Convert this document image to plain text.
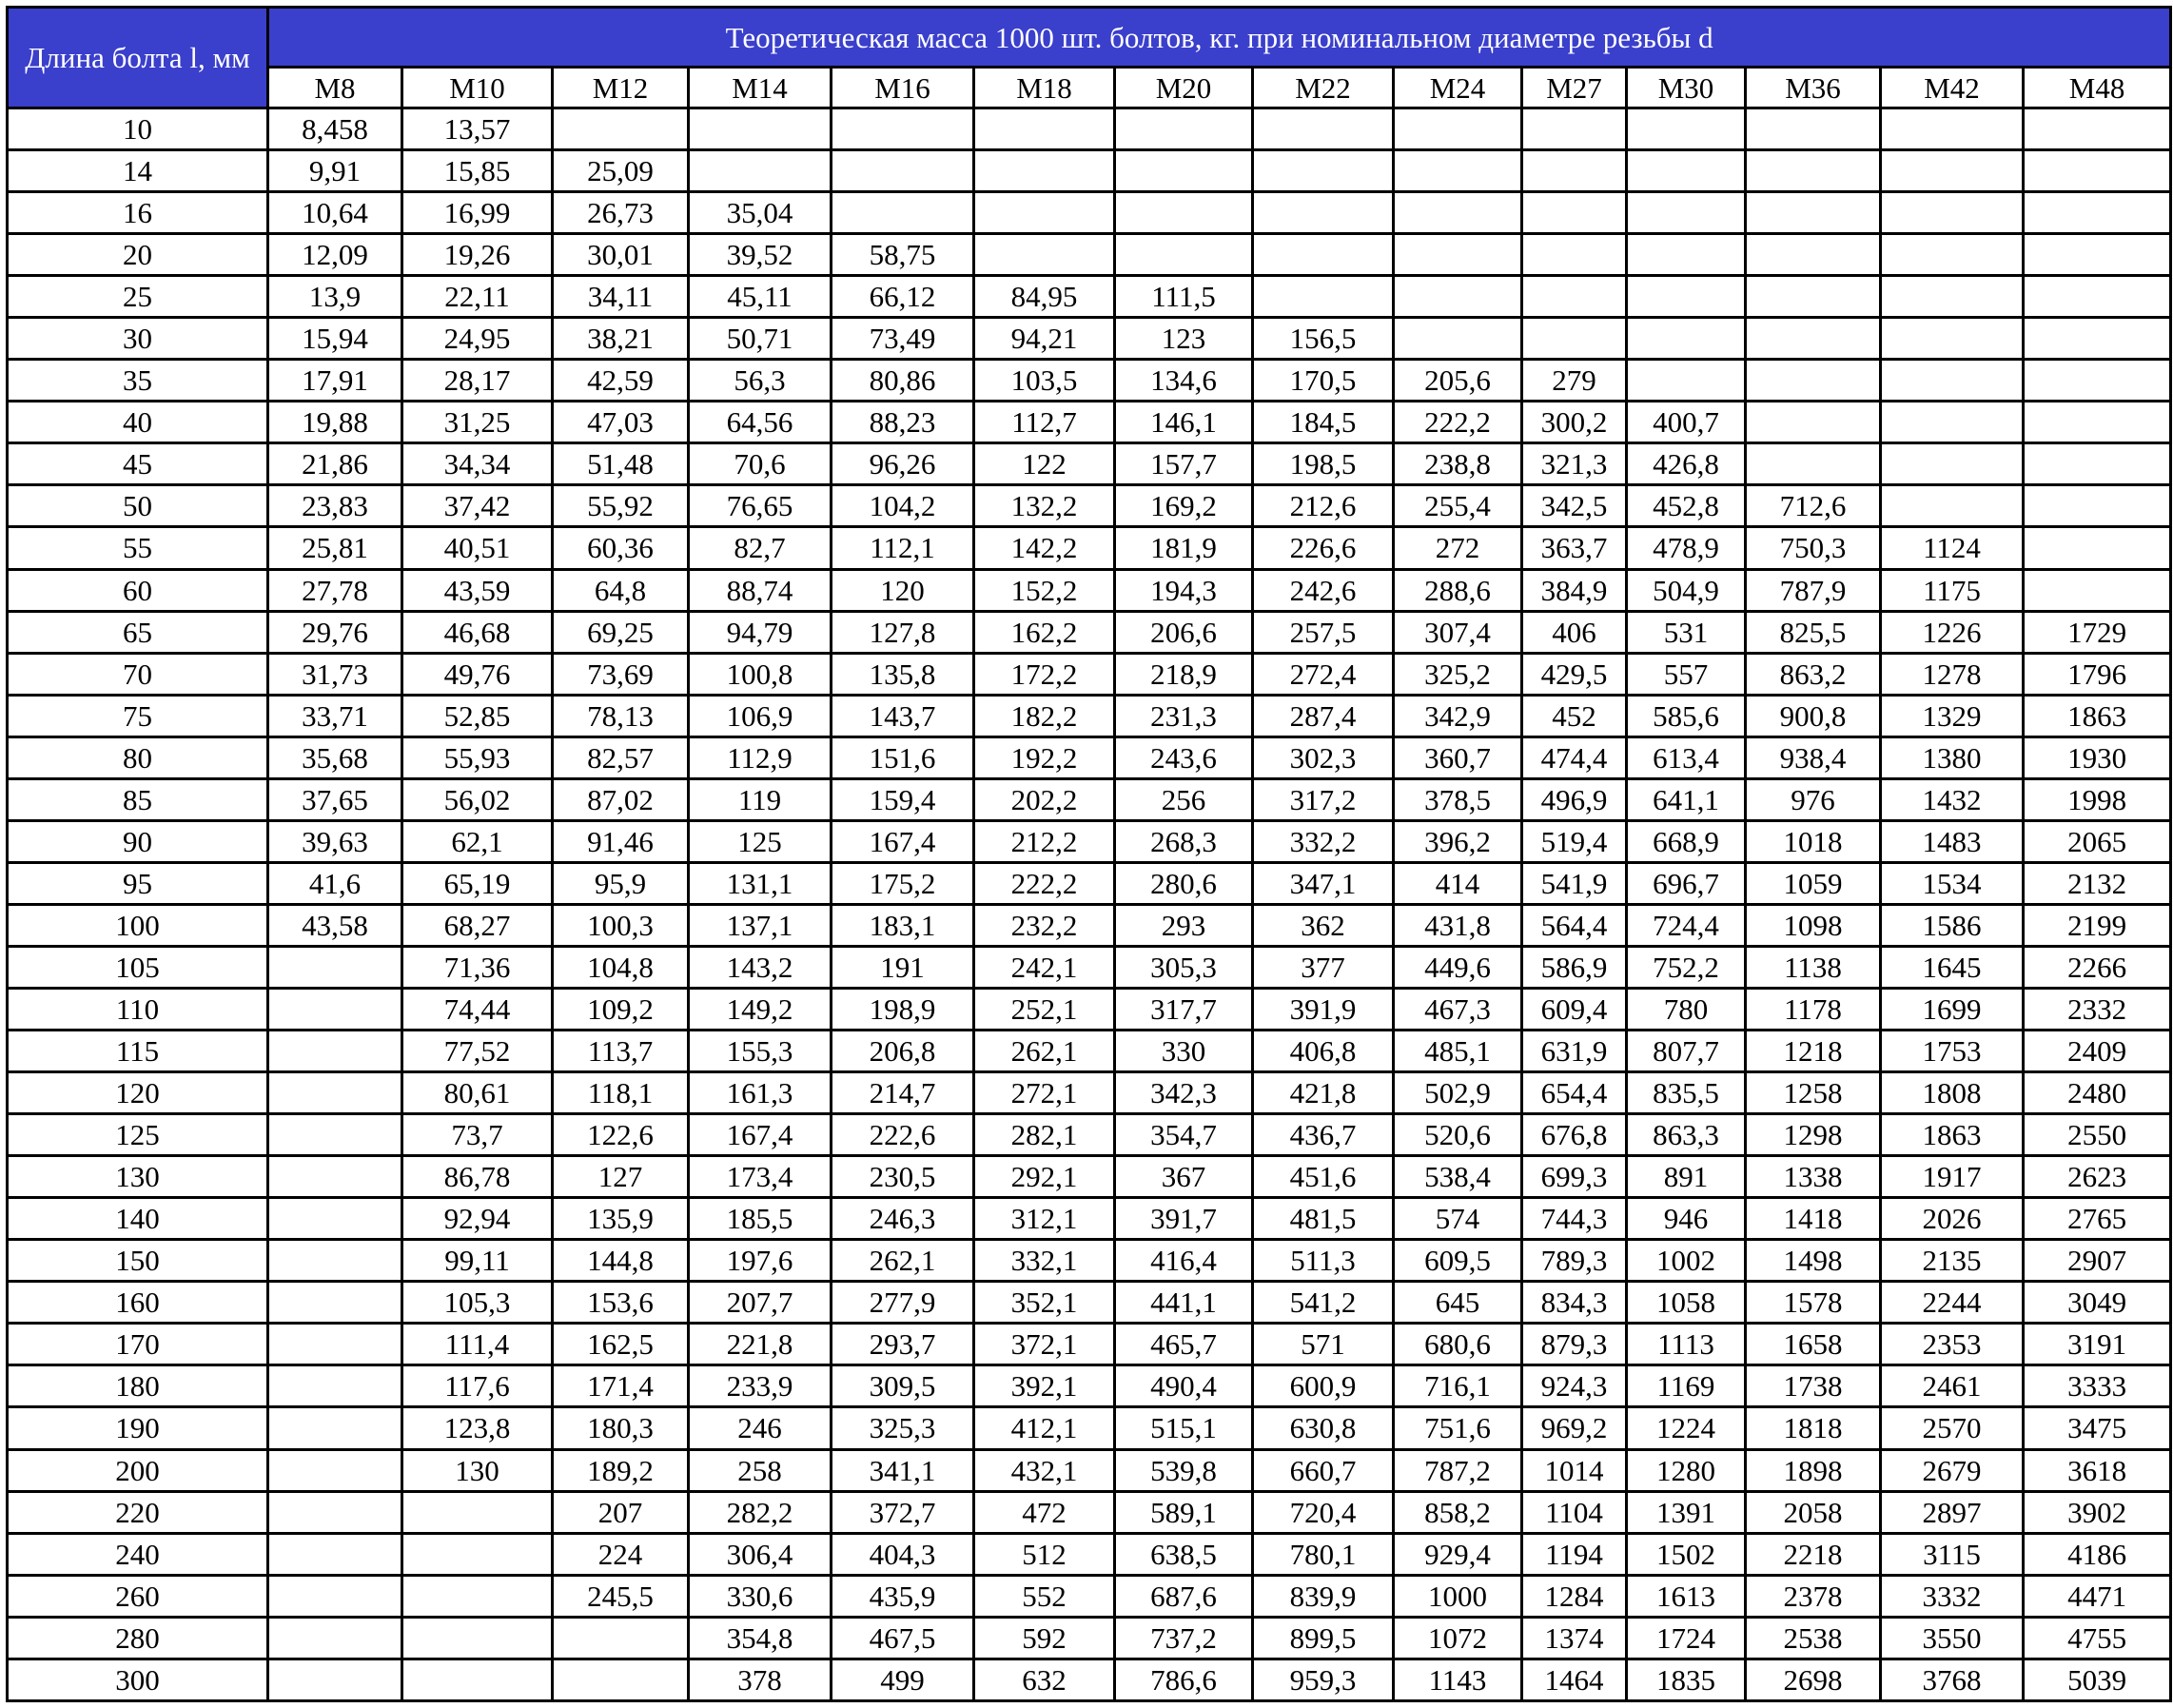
Длина болта l, мм	Теоретическая масса 1000 шт. болтов, кг. при номинальном диаметре резьбы d													
	М8	М10	М12	М14	М16	М18	М20	М22	М24	М27	М30	М36	М42	М48
10	8,458	13,57												
14	9,91	15,85	25,09											
16	10,64	16,99	26,73	35,04										
20	12,09	19,26	30,01	39,52	58,75									
25	13,9	22,11	34,11	45,11	66,12	84,95	111,5							
30	15,94	24,95	38,21	50,71	73,49	94,21	123	156,5						
35	17,91	28,17	42,59	56,3	80,86	103,5	134,6	170,5	205,6	279				
40	19,88	31,25	47,03	64,56	88,23	112,7	146,1	184,5	222,2	300,2	400,7			
45	21,86	34,34	51,48	70,6	96,26	122	157,7	198,5	238,8	321,3	426,8			
50	23,83	37,42	55,92	76,65	104,2	132,2	169,2	212,6	255,4	342,5	452,8	712,6		
55	25,81	40,51	60,36	82,7	112,1	142,2	181,9	226,6	272	363,7	478,9	750,3	1124	
60	27,78	43,59	64,8	88,74	120	152,2	194,3	242,6	288,6	384,9	504,9	787,9	1175	
65	29,76	46,68	69,25	94,79	127,8	162,2	206,6	257,5	307,4	406	531	825,5	1226	1729
70	31,73	49,76	73,69	100,8	135,8	172,2	218,9	272,4	325,2	429,5	557	863,2	1278	1796
75	33,71	52,85	78,13	106,9	143,7	182,2	231,3	287,4	342,9	452	585,6	900,8	1329	1863
80	35,68	55,93	82,57	112,9	151,6	192,2	243,6	302,3	360,7	474,4	613,4	938,4	1380	1930
85	37,65	56,02	87,02	119	159,4	202,2	256	317,2	378,5	496,9	641,1	976	1432	1998
90	39,63	62,1	91,46	125	167,4	212,2	268,3	332,2	396,2	519,4	668,9	1018	1483	2065
95	41,6	65,19	95,9	131,1	175,2	222,2	280,6	347,1	414	541,9	696,7	1059	1534	2132
100	43,58	68,27	100,3	137,1	183,1	232,2	293	362	431,8	564,4	724,4	1098	1586	2199
105		71,36	104,8	143,2	191	242,1	305,3	377	449,6	586,9	752,2	1138	1645	2266
110		74,44	109,2	149,2	198,9	252,1	317,7	391,9	467,3	609,4	780	1178	1699	2332
115		77,52	113,7	155,3	206,8	262,1	330	406,8	485,1	631,9	807,7	1218	1753	2409
120		80,61	118,1	161,3	214,7	272,1	342,3	421,8	502,9	654,4	835,5	1258	1808	2480
125		73,7	122,6	167,4	222,6	282,1	354,7	436,7	520,6	676,8	863,3	1298	1863	2550
130		86,78	127	173,4	230,5	292,1	367	451,6	538,4	699,3	891	1338	1917	2623
140		92,94	135,9	185,5	246,3	312,1	391,7	481,5	574	744,3	946	1418	2026	2765
150		99,11	144,8	197,6	262,1	332,1	416,4	511,3	609,5	789,3	1002	1498	2135	2907
160		105,3	153,6	207,7	277,9	352,1	441,1	541,2	645	834,3	1058	1578	2244	3049
170		111,4	162,5	221,8	293,7	372,1	465,7	571	680,6	879,3	1113	1658	2353	3191
180		117,6	171,4	233,9	309,5	392,1	490,4	600,9	716,1	924,3	1169	1738	2461	3333
190		123,8	180,3	246	325,3	412,1	515,1	630,8	751,6	969,2	1224	1818	2570	3475
200		130	189,2	258	341,1	432,1	539,8	660,7	787,2	1014	1280	1898	2679	3618
220			207	282,2	372,7	472	589,1	720,4	858,2	1104	1391	2058	2897	3902
240			224	306,4	404,3	512	638,5	780,1	929,4	1194	1502	2218	3115	4186
260			245,5	330,6	435,9	552	687,6	839,9	1000	1284	1613	2378	3332	4471
280				354,8	467,5	592	737,2	899,5	1072	1374	1724	2538	3550	4755
300				378	499	632	786,6	959,3	1143	1464	1835	2698	3768	5039
